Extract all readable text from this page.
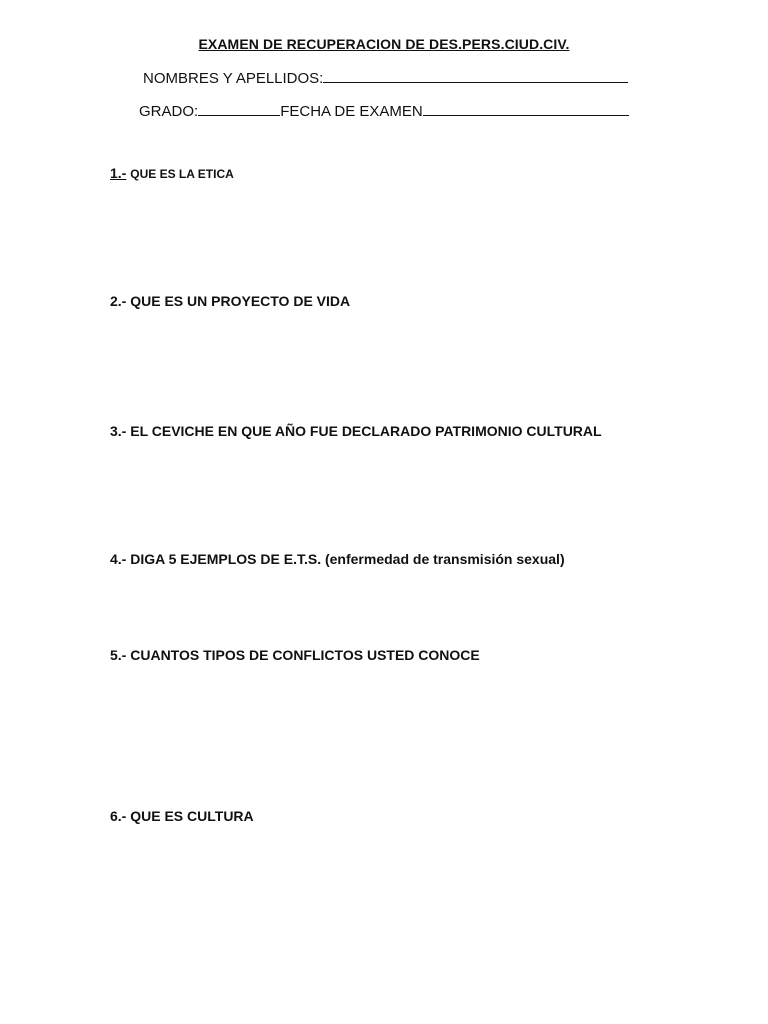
EXAMEN DE RECUPERACION DE DES.PERS.CIUD.CIV.
NOMBRES Y APELLIDOS:
GRADO:	FECHA DE EXAMEN
1.- QUE ES LA ETICA
2.- QUE ES UN PROYECTO DE VIDA
3.- EL CEVICHE EN QUE AÑO FUE DECLARADO PATRIMONIO CULTURAL
4.- DIGA 5 EJEMPLOS DE E.T.S. (enfermedad de transmisión sexual)
5.- CUANTOS TIPOS DE CONFLICTOS USTED CONOCE
6.- QUE ES CULTURA
